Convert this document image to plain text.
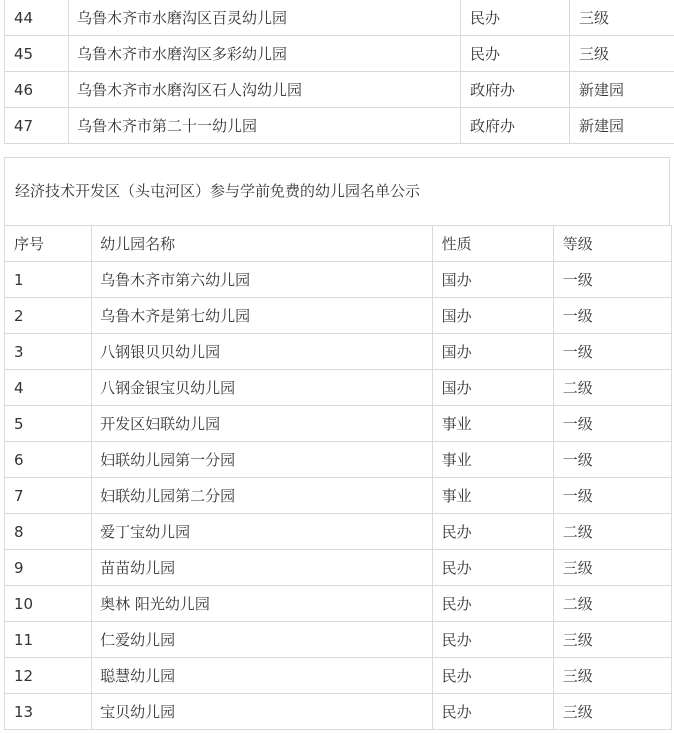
44	乌鲁木齐市水磨沟区百灵幼儿园	民办	三级
45	乌鲁木齐市水磨沟区多彩幼儿园	民办	三级
46	乌鲁木齐市水磨沟区石人沟幼儿园	政府办	新建园
47	乌鲁木齐市第二十一幼儿园	政府办	新建园
经济技术开发区（头屯河区）参与学前免费的幼儿园名单公示
序号	幼儿园名称	性质	等级
1	乌鲁木齐市第六幼儿园	国办	一级
2	乌鲁木齐是第七幼儿园	国办	一级
3	八钢银贝贝幼儿园	国办	一级
4	八钢金银宝贝幼儿园	国办	二级
5	开发区妇联幼儿园	事业	一级
6	妇联幼儿园第一分园	事业	一级
7	妇联幼儿园第二分园	事业	一级
8	爱丁宝幼儿园	民办	二级
9	苗苗幼儿园	民办	三级
10	奥林 阳光幼儿园	民办	二级
11	仁爱幼儿园	民办	三级
12	聪慧幼儿园	民办	三级
13	宝贝幼儿园	民办	三级
